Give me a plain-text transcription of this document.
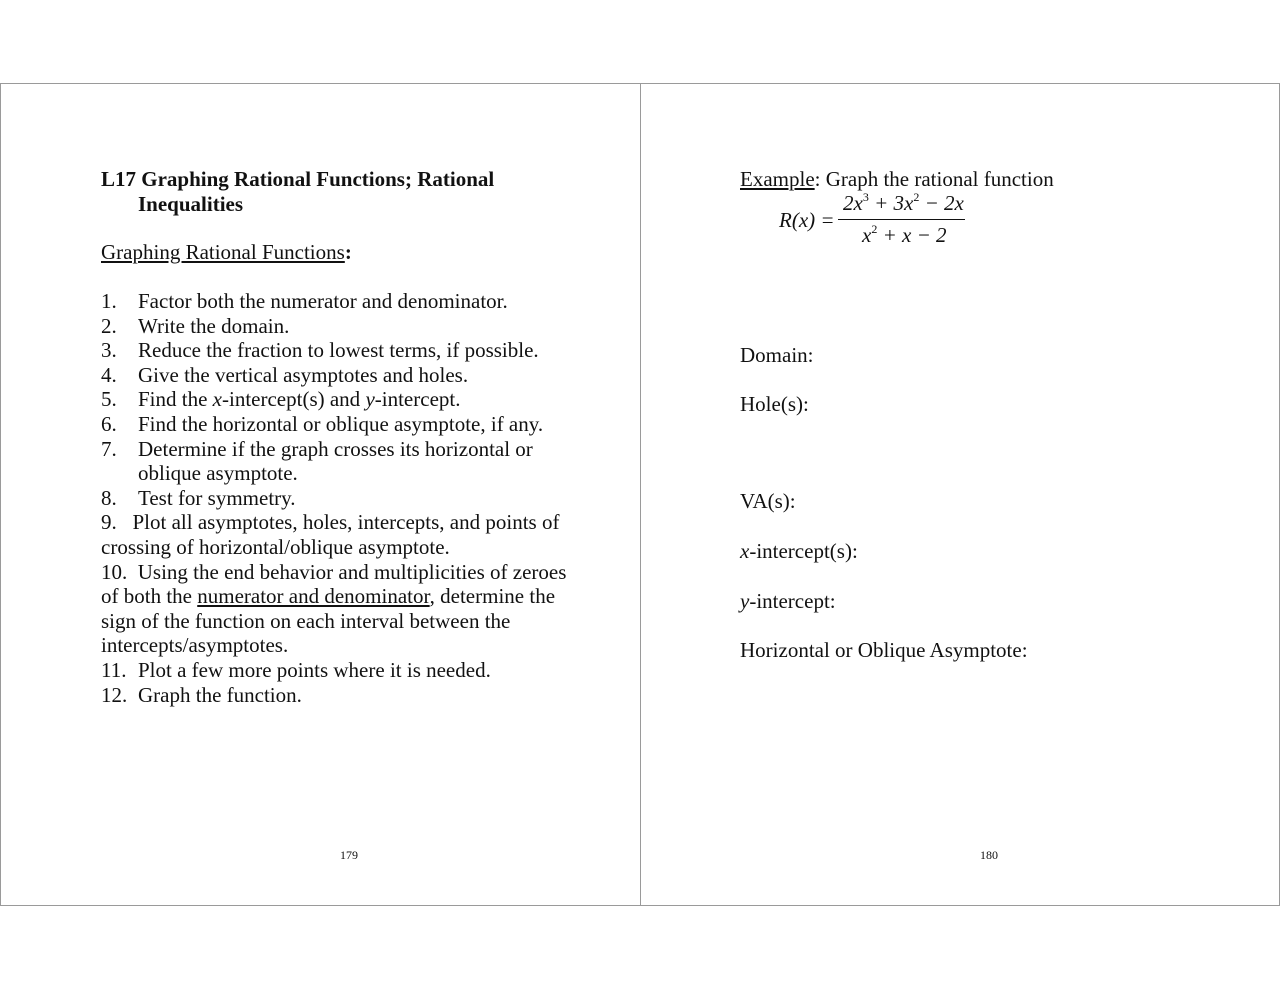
L17 Graphing Rational Functions; Rational
Inequalities
Graphing Rational Functions:
1.	Factor both the numerator and denominator.
2.	Write the domain.
3.	Reduce the fraction to lowest terms, if possible.
4.	Give the vertical asymptotes and holes.
5.	Find the x-intercept(s) and y-intercept.
6.	Find the horizontal or oblique asymptote, if any.
7.	Determine if the graph crosses its horizontal or oblique asymptote.
8.	Test for symmetry.
9. Plot all asymptotes, holes, intercepts, and points of crossing of horizontal/oblique asymptote.
10. Using the end behavior and multiplicities of zeroes of both the numerator and denominator, determine the sign of the function on each interval between the intercepts/asymptotes.
11. Plot a few more points where it is needed.
12. Graph the function.
179
Example: Graph the rational function
R(x) =
$2x^3 + 3x^2 - 2x$
$x^2 + x - 2$
Domain:
Hole(s):
VA(s):
x-intercept(s):
y-intercept:
Horizontal or Oblique Asymptote:
180
